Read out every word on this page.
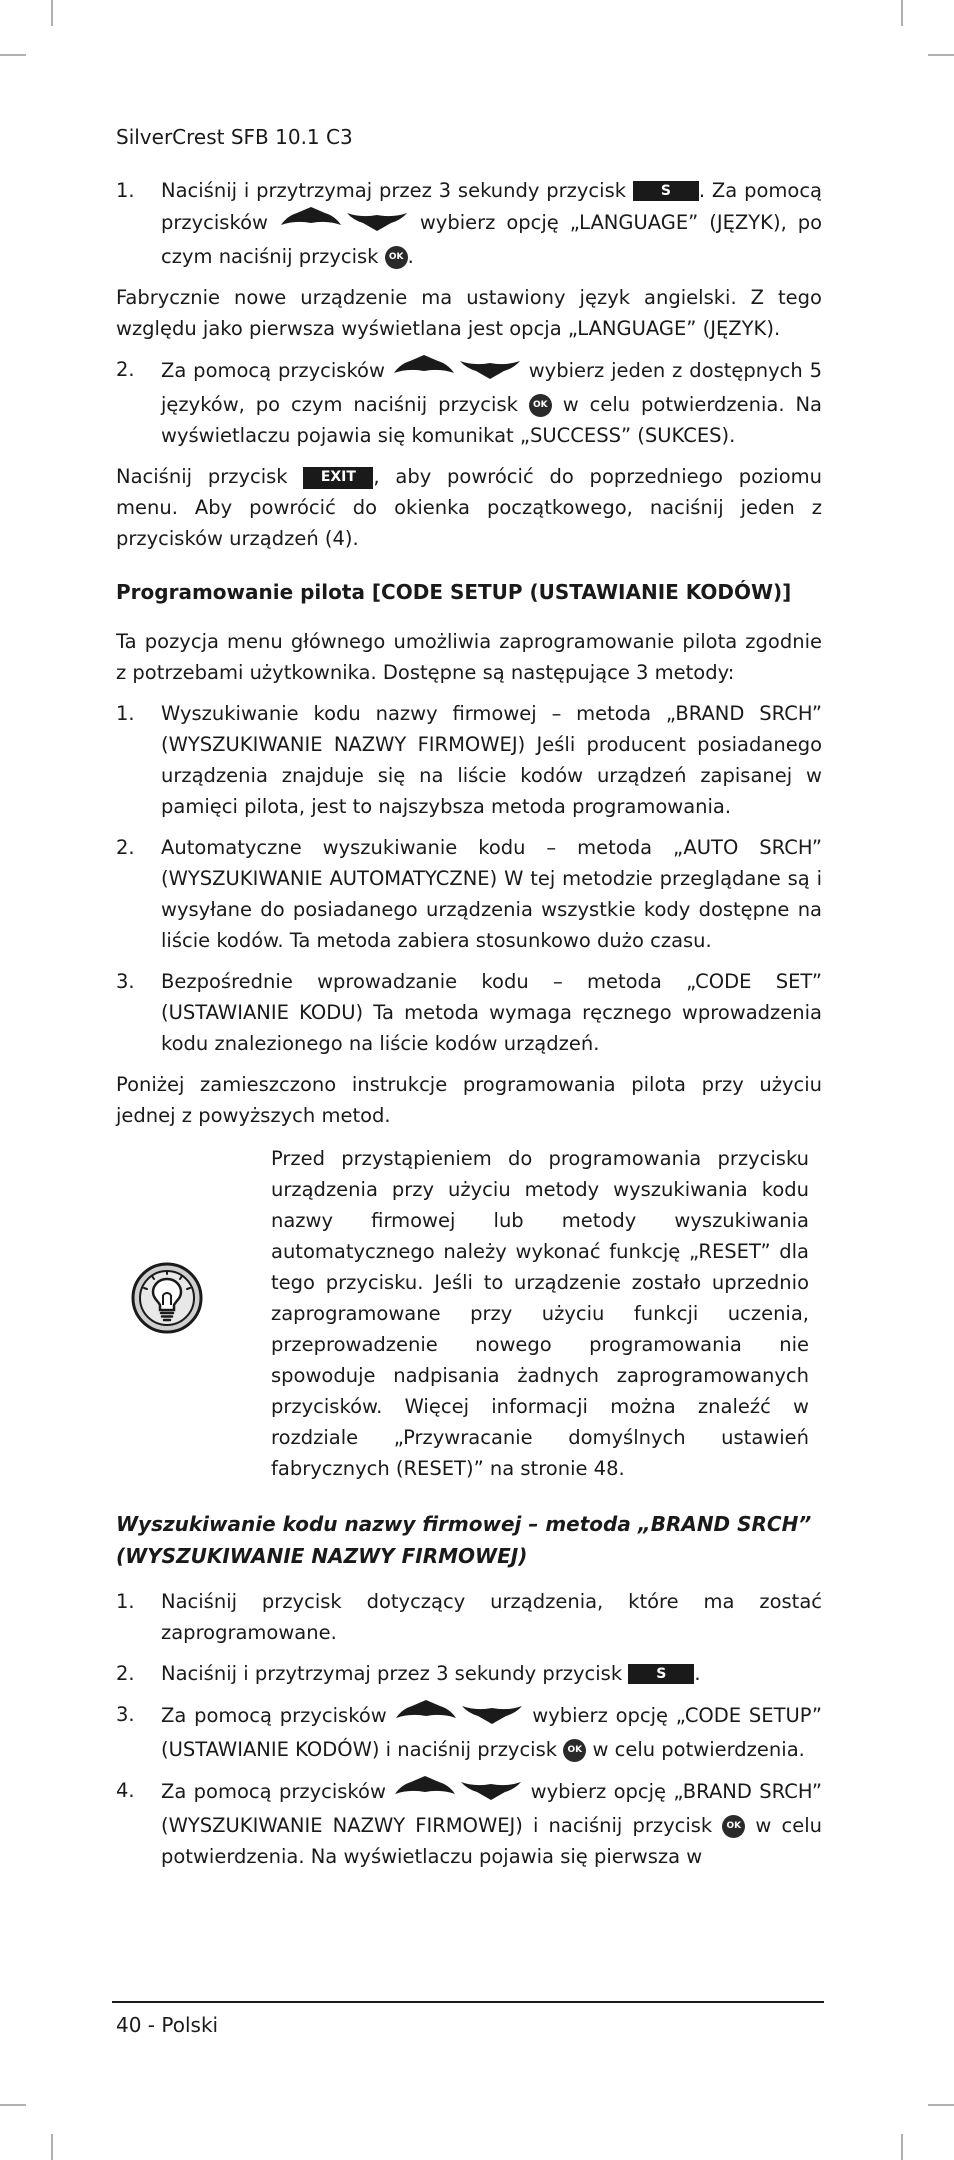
SilverCrest SFB 10.1 C3
1. Naciśnij i przytrzymaj przez 3 sekundy przycisk S . Za pomocą przycisków	wybierz opcję „LANGUAGE” (JĘZYK), po czym naciśnij przycisk OK .

Fabrycznie nowe urządzenie ma ustawiony język angielski. Z tego względu jako pierwsza wyświetlana jest opcja „LANGUAGE” (JĘZYK).

2. Za pomocą przycisków	wybierz jeden z dostępnych 5 języków, po czym naciśnij przycisk OK w celu potwierdzenia. Na wyświetlaczu pojawia się komunikat „SUCCESS” (SUKCES).

Naciśnij przycisk EXIT , aby powrócić do poprzedniego poziomu menu. Aby powrócić do okienka początkowego, naciśnij jeden z przycisków urządzeń (4).

Programowanie pilota [CODE SETUP (USTAWIANIE KODÓW)]

Ta pozycja menu głównego umożliwia zaprogramowanie pilota zgodnie z potrzebami użytkownika. Dostępne są następujące 3 metody:

1. Wyszukiwanie kodu nazwy firmowej – metoda „BRAND SRCH” (WYSZUKIWANIE NAZWY FIRMOWEJ) Jeśli producent posiadanego urządzenia znajduje się na liście kodów urządzeń zapisanej w pamięci pilota, jest to najszybsza metoda programowania.
2. Automatyczne wyszukiwanie kodu – metoda „AUTO SRCH” (WYSZUKIWANIE AUTOMATYCZNE) W tej metodzie przeglądane są i wysyłane do posiadanego urządzenia wszystkie kody dostępne na liście kodów. Ta metoda zabiera stosunkowo dużo czasu.
3. Bezpośrednie wprowadzanie kodu – metoda „CODE SET” (USTAWIANIE KODU) Ta metoda wymaga ręcznego wprowadzenia kodu znalezionego na liście kodów urządzeń.

Poniżej zamieszczono instrukcje programowania pilota przy użyciu jednej z powyższych metod.

Przed przystąpieniem do programowania przycisku urządzenia przy użyciu metody wyszukiwania kodu nazwy firmowej lub metody wyszukiwania automatycznego należy wykonać funkcję „RESET” dla tego przycisku. Jeśli to urządzenie zostało uprzednio zaprogramowane przy użyciu funkcji uczenia, przeprowadzenie nowego programowania nie spowoduje nadpisania żadnych zaprogramowanych przycisków. Więcej informacji można znaleźć w rozdziale „Przywracanie domyślnych ustawień fabrycznych (RESET)” na stronie 48.
Wyszukiwanie kodu nazwy firmowej – metoda „BRAND SRCH” (WYSZUKIWANIE NAZWY FIRMOWEJ)
1. Naciśnij przycisk dotyczący urządzenia, które ma zostać zaprogramowane.
2. Naciśnij i przytrzymaj przez 3 sekundy przycisk S .
3. Za pomocą przycisków	wybierz opcję „CODE SETUP” (USTAWIANIE KODÓW) i naciśnij przycisk OK w celu potwierdzenia.
4. Za pomocą przycisków	wybierz opcję „BRAND SRCH” (WYSZUKIWANIE NAZWY FIRMOWEJ) i naciśnij przycisk OK w celu potwierdzenia. Na wyświetlaczu pojawia się pierwsza w
40 - Polski
